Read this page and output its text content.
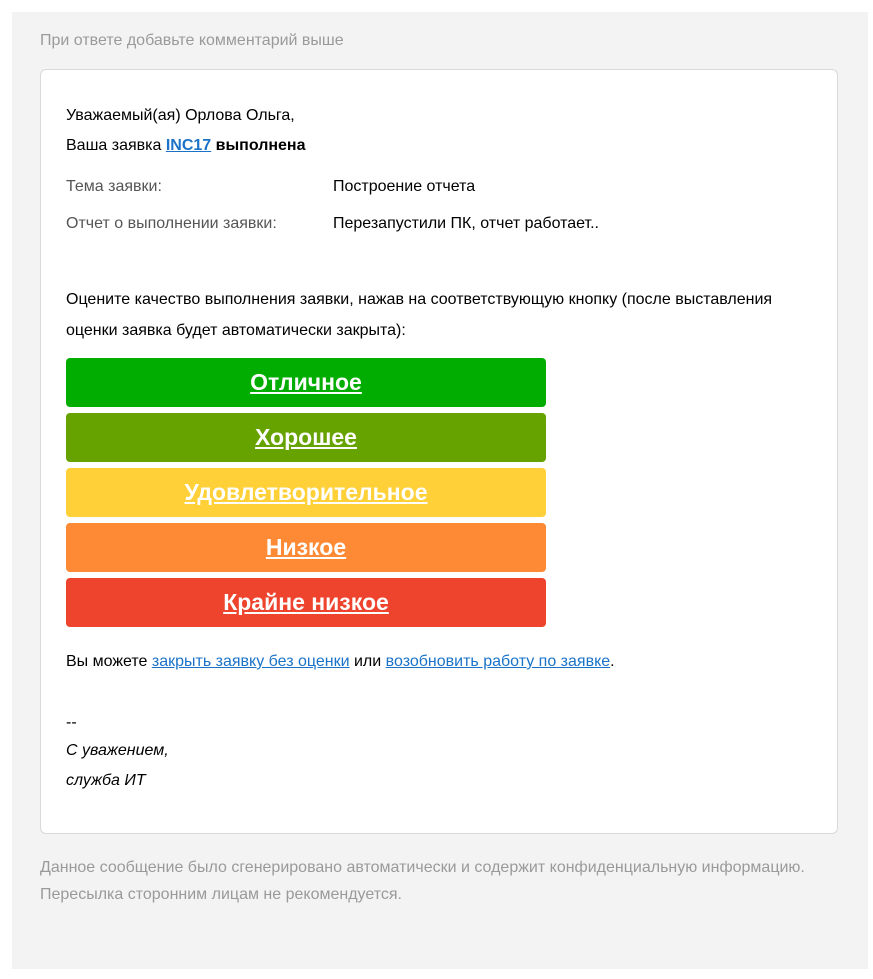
При ответе добавьте комментарий выше
Уважаемый(ая) Орлова Ольга,
Ваша заявка INC17 выполнена
Тема заявки:	Построение отчета
Отчет о выполнении заявки:	Перезапустили ПК, отчет работает..
Оцените качество выполнения заявки, нажав на соответствующую кнопку (после выставления оценки заявка будет автоматически закрыта):
Отличное
Хорошее
Удовлетворительное
Низкое
Крайне низкое
Вы можете закрыть заявку без оценки или возобновить работу по заявке.
--
С уважением,
служба ИТ
Данное сообщение было сгенерировано автоматически и содержит конфиденциальную информацию.
Пересылка сторонним лицам не рекомендуется.
